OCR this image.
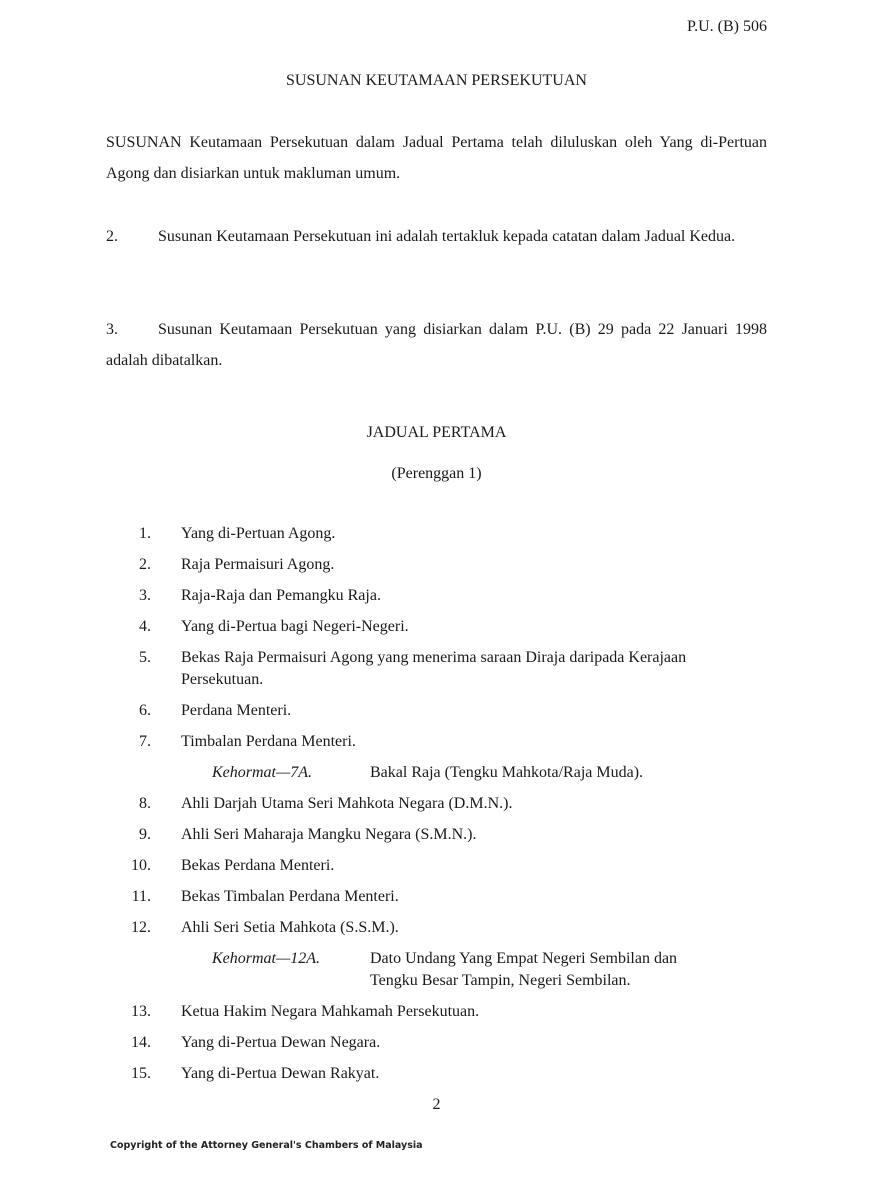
P.U. (B) 506
SUSUNAN KEUTAMAAN PERSEKUTUAN
SUSUNAN Keutamaan Persekutuan dalam Jadual Pertama telah diluluskan oleh Yang di-Pertuan Agong dan disiarkan untuk makluman umum.
2.	Susunan Keutamaan Persekutuan ini adalah tertakluk kepada catatan dalam Jadual Kedua.
3.	Susunan Keutamaan Persekutuan yang disiarkan dalam P.U. (B) 29 pada 22 Januari 1998 adalah dibatalkan.
JADUAL PERTAMA
(Perenggan 1)
1.	Yang di-Pertuan Agong.
2.	Raja Permaisuri Agong.
3.	Raja-Raja dan Pemangku Raja.
4.	Yang di-Pertua bagi Negeri-Negeri.
5.	Bekas Raja Permaisuri Agong yang menerima saraan Diraja daripada Kerajaan Persekutuan.
6.	Perdana Menteri.
7.	Timbalan Perdana Menteri.
Kehormat—7A.	Bakal Raja (Tengku Mahkota/Raja Muda).
8.	Ahli Darjah Utama Seri Mahkota Negara (D.M.N.).
9.	Ahli Seri Maharaja Mangku Negara (S.M.N.).
10.	Bekas Perdana Menteri.
11.	Bekas Timbalan Perdana Menteri.
12.	Ahli Seri Setia Mahkota (S.S.M.).
Kehormat—12A.	Dato Undang Yang Empat Negeri Sembilan dan Tengku Besar Tampin, Negeri Sembilan.
13.	Ketua Hakim Negara Mahkamah Persekutuan.
14.	Yang di-Pertua Dewan Negara.
15.	Yang di-Pertua Dewan Rakyat.
2
Copyright of the Attorney General's Chambers of Malaysia
